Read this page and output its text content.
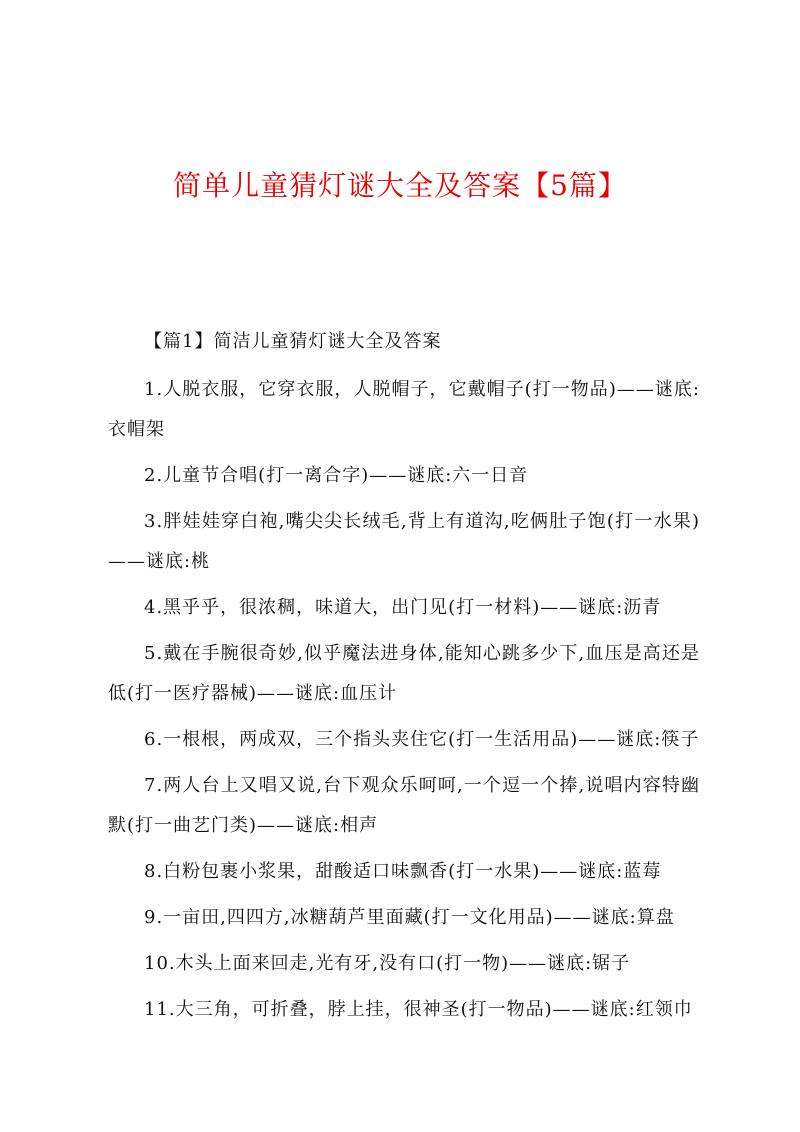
简单儿童猜灯谜大全及答案【5篇】

【篇1】简洁儿童猜灯谜大全及答案

1.人脱衣服，它穿衣服，人脱帽子，它戴帽子(打一物品)——谜底:衣帽架

2.儿童节合唱(打一离合字)——谜底:六一日音

3.胖娃娃穿白袍,嘴尖尖长绒毛,背上有道沟,吃俩肚子饱(打一水果)——谜底:桃

4.黑乎乎，很浓稠，味道大，出门见(打一材料)——谜底:沥青

5.戴在手腕很奇妙,似乎魔法进身体,能知心跳多少下,血压是高还是低(打一医疗器械)——谜底:血压计

6.一根根，两成双，三个指头夹住它(打一生活用品)——谜底:筷子

7.两人台上又唱又说,台下观众乐呵呵,一个逗一个捧,说唱内容特幽默(打一曲艺门类)——谜底:相声

8.白粉包裹小浆果，甜酸适口味飘香(打一水果)——谜底:蓝莓

9.一亩田,四四方,冰糖葫芦里面藏(打一文化用品)——谜底:算盘

10.木头上面来回走,光有牙,没有口(打一物)——谜底:锯子

11.大三角，可折叠，脖上挂，很神圣(打一物品)——谜底:红领巾
